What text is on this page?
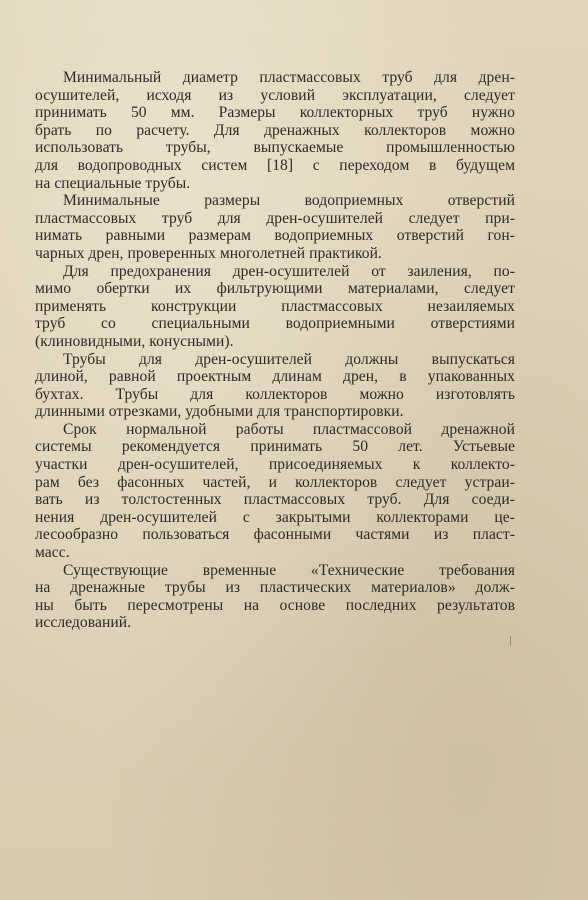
Минимальный диаметр пластмассовых труб для дрен-
осушителей, исходя из условий эксплуатации, следует
принимать 50 мм. Размеры коллекторных труб нужно
брать по расчету. Для дренажных коллекторов можно
использовать трубы, выпускаемые промышленностью
для водопроводных систем [18] с переходом в будущем
на специальные трубы.

Минимальные размеры водоприемных отверстий
пластмассовых труб для дрен-осушителей следует при-
нимать равными размерам водоприемных отверстий гон-
чарных дрен, проверенных многолетней практикой.

Для предохранения дрен-осушителей от заиления, по-
мимо обертки их фильтрующими материалами, следует
применять конструкции пластмассовых незаиляемых
труб со специальными водоприемными отверстиями
(клиновидными, конусными).

Трубы для дрен-осушителей должны выпускаться
длиной, равной проектным длинам дрен, в упакованных
бухтах. Трубы для коллекторов можно изготовлять
длинными отрезками, удобными для транспортировки.

Срок нормальной работы пластмассовой дренажной
системы рекомендуется принимать 50 лет. Устьевые
участки дрен-осушителей, присоединяемых к коллекто-
рам без фасонных частей, и коллекторов следует устраи-
вать из толстостенных пластмассовых труб. Для соеди-
нения дрен-осушителей с закрытыми коллекторами це-
лесообразно пользоваться фасонными частями из пласт-
масс.

Существующие временные «Технические требования
на дренажные трубы из пластических материалов» долж-
ны быть пересмотрены на основе последних результатов
исследований.
